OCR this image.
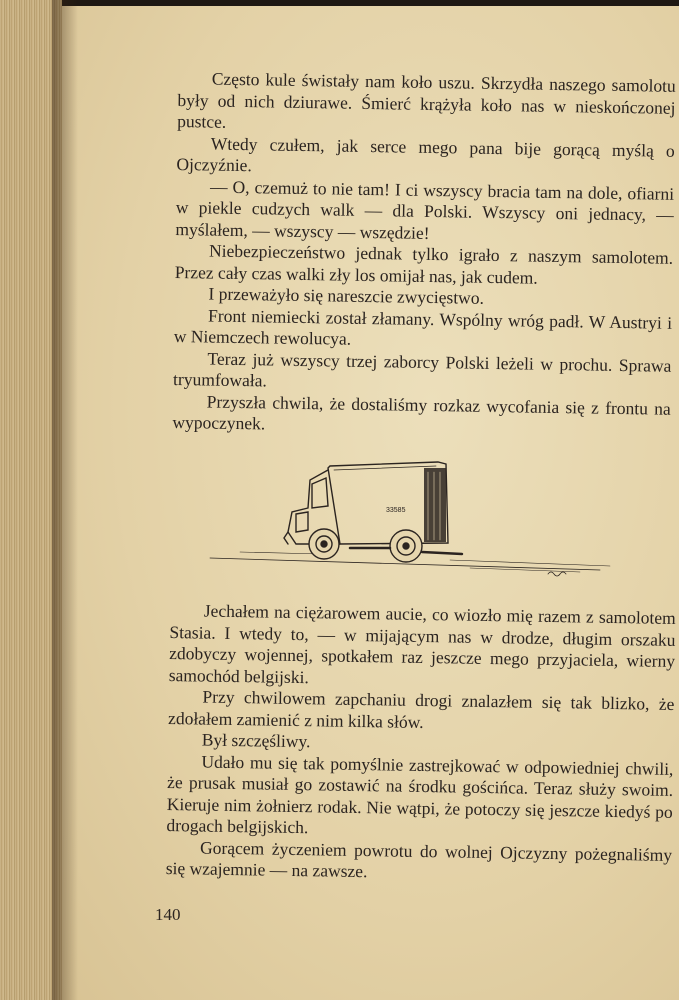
Często kule świstały nam koło uszu. Skrzydła naszego samolotu były od nich dziurawe. Śmierć krążyła koło nas w nieskończonej pustce.

Wtedy czułem, jak serce mego pana bije gorącą myślą o Ojczyźnie.

— O, czemuż to nie tam! I ci wszyscy bracia tam na dole, ofiarni w piekle cudzych walk — dla Polski. Wszyscy oni jednacy, — myślałem, — wszyscy — wszędzie!

Niebezpieczeństwo jednak tylko igrało z naszym samolotem. Przez cały czas walki zły los omijał nas, jak cudem.

I przeważyło się nareszcie zwycięstwo.

Front niemiecki został złamany. Wspólny wróg padł. W Austryi i w Niemczech rewolucya.

Teraz już wszyscy trzej zaborcy Polski leżeli w prochu. Sprawa tryumfowała.

Przyszła chwila, że dostaliśmy rozkaz wycofania się z frontu na wypoczynek.

33585

Jechałem na ciężarowem aucie, co wiozło mię razem z samolotem Stasia. I wtedy to, — w mijającym nas w drodze, długim orszaku zdobyczy wojennej, spotkałem raz jeszcze mego przyjaciela, wierny samochód belgijski.

Przy chwilowem zapchaniu drogi znalazłem się tak blizko, że zdołałem zamienić z nim kilka słów.

Był szczęśliwy.

Udało mu się tak pomyślnie zastrejkować w odpowiedniej chwili, że prusak musiał go zostawić na środku gościńca. Teraz służy swoim. Kieruje nim żołnierz rodak. Nie wątpi, że potoczy się jeszcze kiedyś po drogach belgijskich.

Gorącem życzeniem powrotu do wolnej Ojczyzny pożegnaliśmy się wzajemnie — na zawsze.

140
